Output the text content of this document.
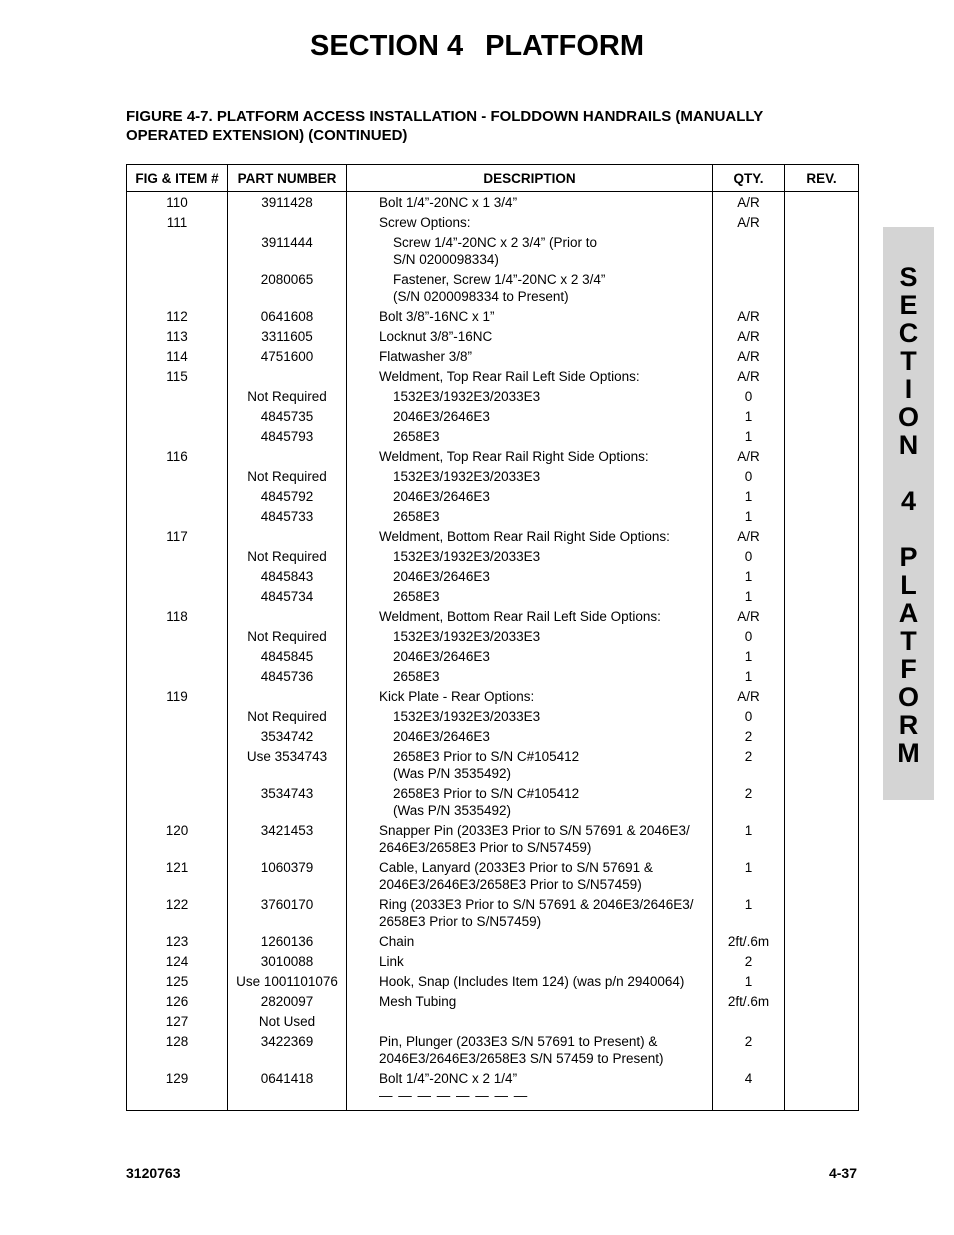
SECTION 4 PLATFORM
FIGURE 4-7. PLATFORM ACCESS INSTALLATION - FOLDDOWN HANDRAILS (MANUALLY
OPERATED EXTENSION) (CONTINUED)
FIG & ITEM #	PART NUMBER	DESCRIPTION	QTY.	REV.

110	3911428	Bolt 1/4”-20NC x 1 3/4”	A/R	

111		Screw Options:	A/R	

	3911444	Screw 1/4”-20NC x 2 3/4” (Prior to
S/N 0200098334)		

	2080065	Fastener, Screw 1/4”-20NC x 2 3/4”
(S/N 0200098334 to Present)		

112	0641608	Bolt 3/8”-16NC x 1”	A/R	

113	3311605	Locknut 3/8”-16NC	A/R	

114	4751600	Flatwasher 3/8”	A/R	

115		Weldment, Top Rear Rail Left Side Options:	A/R	

	Not Required	1532E3/1932E3/2033E3	0	

	4845735	2046E3/2646E3	1	

	4845793	2658E3	1	

116		Weldment, Top Rear Rail Right Side Options:	A/R	

	Not Required	1532E3/1932E3/2033E3	0	

	4845792	2046E3/2646E3	1	

	4845733	2658E3	1	

117		Weldment, Bottom Rear Rail Right Side Options:	A/R	

	Not Required	1532E3/1932E3/2033E3	0	

	4845843	2046E3/2646E3	1	

	4845734	2658E3	1	

118		Weldment, Bottom Rear Rail Left Side Options:	A/R	

	Not Required	1532E3/1932E3/2033E3	0	

	4845845	2046E3/2646E3	1	

	4845736	2658E3	1	

119		Kick Plate - Rear Options:	A/R	

	Not Required	1532E3/1932E3/2033E3	0	

	3534742	2046E3/2646E3	2	

	Use 3534743	2658E3 Prior to S/N C#105412
(Was P/N 3535492)	2	

	3534743	2658E3 Prior to S/N C#105412
(Was P/N 3535492)	2	

120	3421453	Snapper Pin (2033E3 Prior to S/N 57691 & 2046E3/
2646E3/2658E3 Prior to S/N57459)	1	

121	1060379	Cable, Lanyard (2033E3 Prior to S/N 57691 &
2046E3/2646E3/2658E3 Prior to S/N57459)	1	

122	3760170	Ring (2033E3 Prior to S/N 57691 & 2046E3/2646E3/
2658E3 Prior to S/N57459)	1	

123	1260136	Chain	2ft/.6m	

124	3010088	Link	2	

125	Use 1001101076	Hook, Snap (Includes Item 124) (was p/n 2940064)	1	

126	2820097	Mesh Tubing	2ft/.6m	

127	Not Used			

128	3422369	Pin, Plunger (2033E3 S/N 57691 to Present) &
2046E3/2646E3/2658E3 S/N 57459 to Present)	2	

129	0641418	Bolt 1/4”-20NC x 2 1/4”
— — — — — — — —	4	

S
E
C
T
I
O
N
4
P
L
A
T
F
O
R
M
3120763	4-37
